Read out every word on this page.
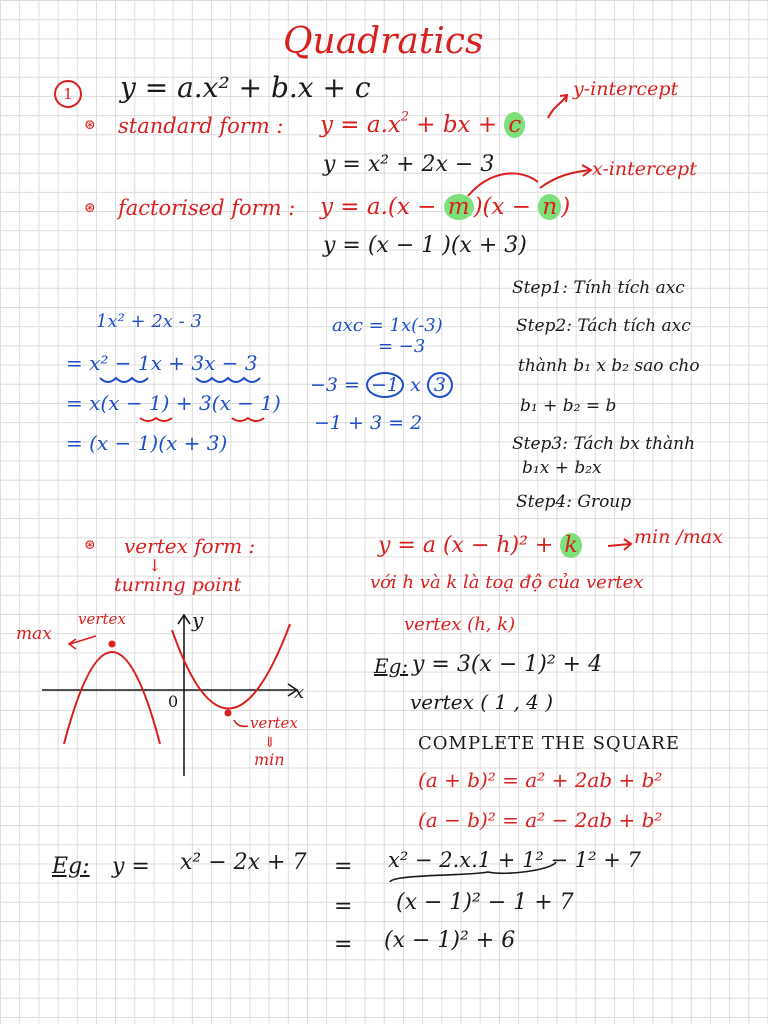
Quadratics
1	y = a.x² + b.x + c
⊛ standard form : $y = a.x^2$ + bx + c
y-intercept
y = x² + 2x − 3
⊛ factorised form : y = a.(x − m )(x − n )
x-intercept
y = (x − 1 )(x + 3)
Step1: Tính tích axc
Step2: Tách tích axc
thành b₁ x b₂ sao cho
b₁ + b₂ = b
Step3: Tách bx thành
b₁x + b₂x
Step4: Group
1x² + 2x - 3
= x² − 1x + 3x − 3
= x(x − 1) + 3(x − 1)
= (x − 1)(x + 3)
axc = 1x(-3)
= −3
−3 = −1 x 3
−1 + 3 = 2
⊛ vertex form :
↓
turning point
y = a (x − h)² + k	min /max
với h và k là toạ độ của vertex
vertex (h, k)
Eg: y = 3(x − 1)² + 4
vertex ( 1 , 4 )
COMPLETE THE SQUARE
(a + b)² = a² + 2ab + b²
(a − b)² = a² − 2ab + b²
max
vertex	y
x
0
vertex
⇓
min
Eg: y = x² − 2x + 7 = x² − 2.x.1 + 1² − 1² + 7
= (x − 1)² − 1 + 7
= (x − 1)² + 6
